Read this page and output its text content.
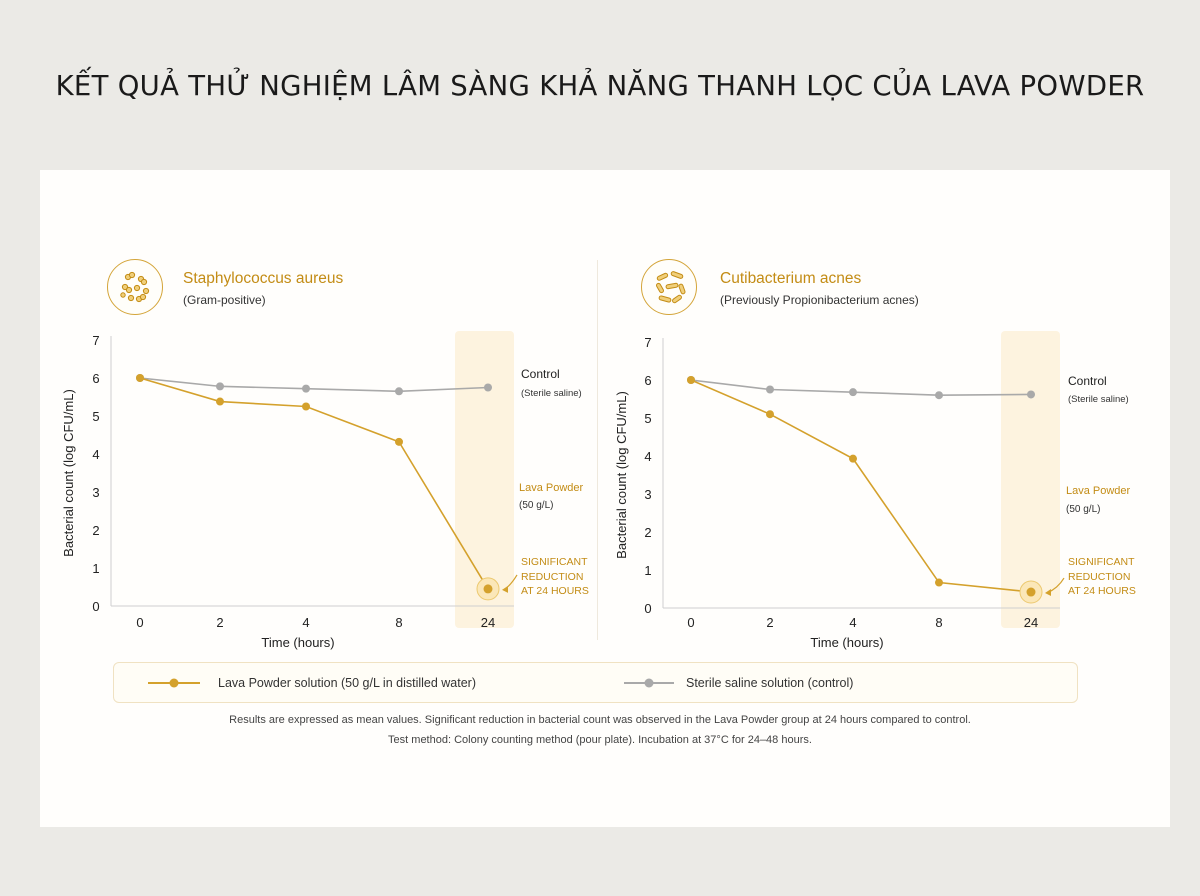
KẾT QUẢ THỬ NGHIỆM LÂM SÀNG KHẢ NĂNG THANH LỌC CỦA LAVA POWDER
Staphylococcus aureus
(Gram-positive)
Cutibacterium acnes
(Previously Propionibacterium acnes)
0
1
2
3
4
5
6
7
0	2	4	8	24
Time (hours)
Bacterial count (log CFU/mL)
Control
(Sterile saline)
Lava Powder
(50 g/L)
SIGNIFICANT
REDUCTION
AT 24 HOURS
0
1
2
3
4
5
6
7
0	2	4	8	24
Time (hours)
Bacterial count (log CFU/mL)
Control
(Sterile saline)
Lava Powder
(50 g/L)
SIGNIFICANT
REDUCTION
AT 24 HOURS
Lava Powder solution (50 g/L in distilled water)	Sterile saline solution (control)
Results are expressed as mean values. Significant reduction in bacterial count was observed in the Lava Powder group at 24 hours compared to control.
Test method: Colony counting method (pour plate). Incubation at 37°C for 24–48 hours.
